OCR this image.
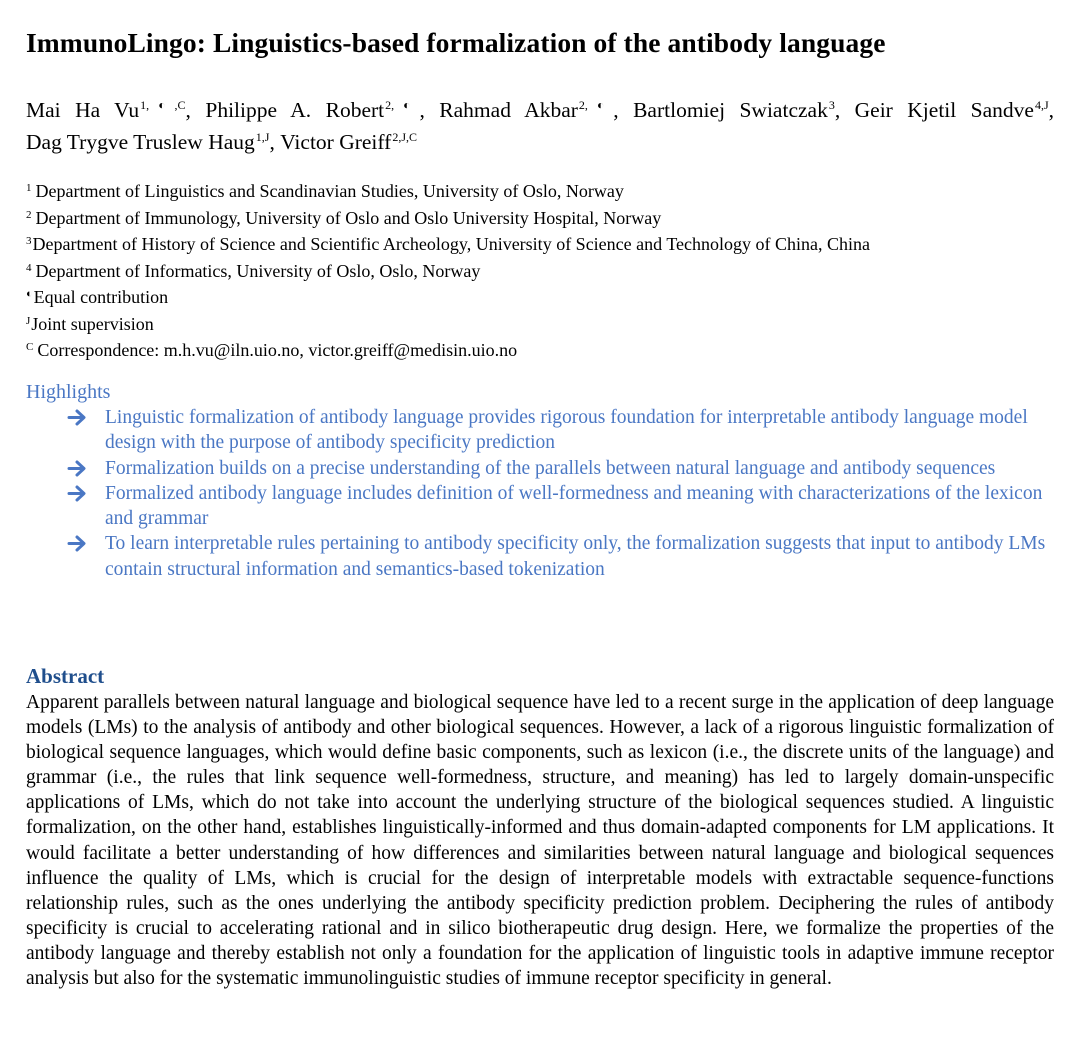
ImmunoLingo: Linguistics-based formalization of the antibody language
Mai Ha $Vu^{1,◐,C}$, Philippe A. Robert$^{2,◐}$, Rahmad Akbar$^{2,◐}$, Bartlomiej Swiatczak$^3$, Geir Kjetil Sandve$^{4,J}$, Dag Trygve Truslew Haug$^{1,J}$, Victor Greiff$^{2,J,C}$
$^1$ Department of Linguistics and Scandinavian Studies, University of Oslo, Norway
$^2$ Department of Immunology, University of Oslo and Oslo University Hospital, Norway
$^3$Department of History of Science and Scientific Archeology, University of Science and Technology of China, China
$^4$ Department of Informatics, University of Oslo, Oslo, Norway
◐Equal contribution
$^J$Joint supervision
$^C$ Correspondence: m.h.vu@iln.uio.no, victor.greiff@medisin.uio.no
Highlights
Linguistic formalization of antibody language provides rigorous foundation for interpretable antibody language model design with the purpose of antibody specificity prediction
Formalization builds on a precise understanding of the parallels between natural language and antibody sequences
Formalized antibody language includes definition of well-formedness and meaning with characterizations of the lexicon and grammar
To learn interpretable rules pertaining to antibody specificity only, the formalization suggests that input to antibody LMs contain structural information and semantics-based tokenization
Abstract

Apparent parallels between natural language and biological sequence have led to a recent surge in the application of deep language models (LMs) to the analysis of antibody and other biological sequences. However, a lack of a rigorous linguistic formalization of biological sequence languages, which would define basic components, such as lexicon (i.e., the discrete units of the language) and grammar (i.e., the rules that link sequence well-formedness, structure, and meaning) has led to largely domain-unspecific applications of LMs, which do not take into account the underlying structure of the biological sequences studied. A linguistic formalization, on the other hand, establishes linguistically-informed and thus domain-adapted components for LM applications. It would facilitate a better understanding of how differences and similarities between natural language and biological sequences influence the quality of LMs, which is crucial for the design of interpretable models with extractable sequence-functions relationship rules, such as the ones underlying the antibody specificity prediction problem. Deciphering the rules of antibody specificity is crucial to accelerating rational and in silico biotherapeutic drug design. Here, we formalize the properties of the antibody language and thereby establish not only a foundation for the application of linguistic tools in adaptive immune receptor analysis but also for the systematic immunolinguistic studies of immune receptor specificity in general.
